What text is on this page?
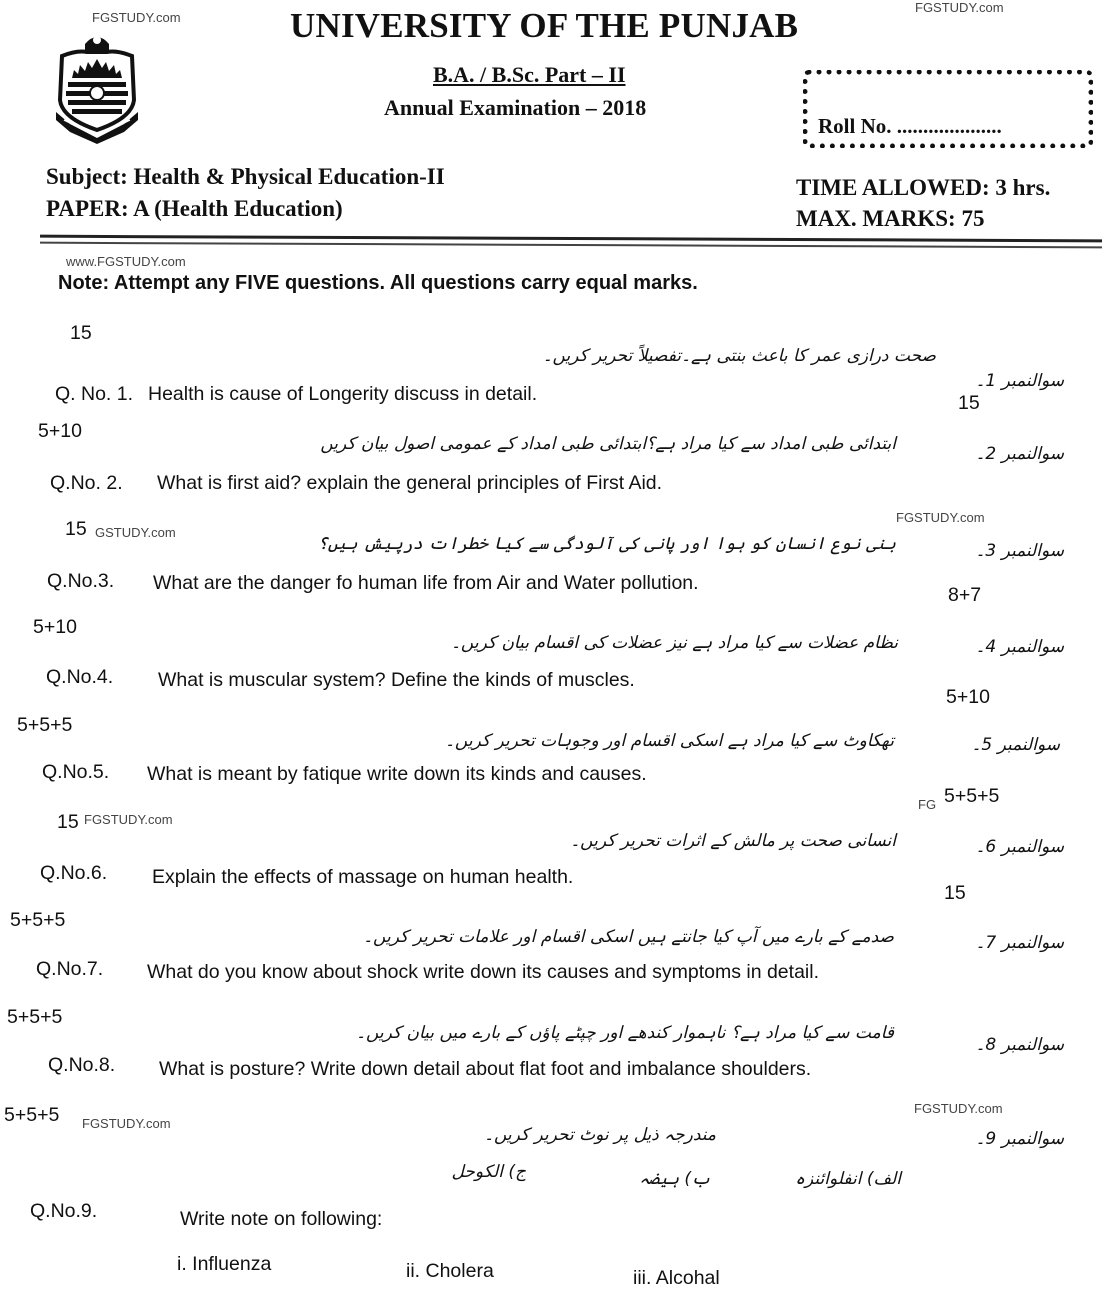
FGSTUDY.com
FGSTUDY.com
UNIVERSITY OF THE PUNJAB
B.A. / B.Sc. Part – II
Annual Examination – 2018
Roll No. ....................
Subject: Health & Physical Education-II
PAPER: A (Health Education)
TIME ALLOWED: 3 hrs.
MAX. MARKS: 75
www.FGSTUDY.com
Note: Attempt any FIVE questions. All questions carry equal marks.
15
صحت درازی عمر کا باعث بنتی ہے۔تفصیلاً تحریر کریں۔
سوالنمبر 1۔
Q. No. 1. Health is cause of Longerity discuss in detail.	15
5+10
ابتدائی طبی امداد سے کیا مراد ہے؟ابتدائی طبی امداد کے عمومی اصول بیان کریں	سوالنمبر 2۔
Q.No. 2. What is first aid? explain the general principles of First Aid.
15 GSTUDY.com
FGSTUDY.com
بنی نوع انسان کو ہوا اور پانی کی آلودگی سے کیا خطرات درپیش ہیں؟	سوالنمبر 3۔
Q.No.3. What are the danger fo human life from Air and Water pollution.
8+7
5+10
نظام عضلات سے کیا مراد ہے نیز عضلات کی اقسام بیان کریں۔	سوالنمبر 4۔
Q.No.4. What is muscular system? Define the kinds of muscles.
5+10
5+5+5
تھکاوٹ سے کیا مراد ہے اسکی اقسام اور وجوہات تحریر کریں۔	سوالنمبر 5۔
Q.No.5. What is meant by fatique write down its kinds and causes.
FG 5+5+5
15 FGSTUDY.com
انسانی صحت پر مالش کے اثرات تحریر کریں۔	سوالنمبر 6۔
Q.No.6. Explain the effects of massage on human health.
15
5+5+5
صدمے کے بارے میں آپ کیا جانتے ہیں اسکی اقسام اور علامات تحریر کریں۔	سوالنمبر 7۔
Q.No.7. What do you know about shock write down its causes and symptoms in detail.
5+5+5
قامت سے کیا مراد ہے؟ ناہموار کندھے اور چپٹے پاؤں کے بارے میں بیان کریں۔
سوالنمبر 8۔
Q.No.8. What is posture? Write down detail about flat foot and imbalance shoulders.
5+5+5 FGSTUDY.com
FGSTUDY.com
مندرجہ ذیل پر نوٹ تحریر کریں۔	سوالنمبر 9۔
الف) انفلوائنزہ
ب) ہیضہ
ج) الکوحل
Q.No.9.	Write note on following:
i. Influenza	ii. Cholera	iii. Alcohal
